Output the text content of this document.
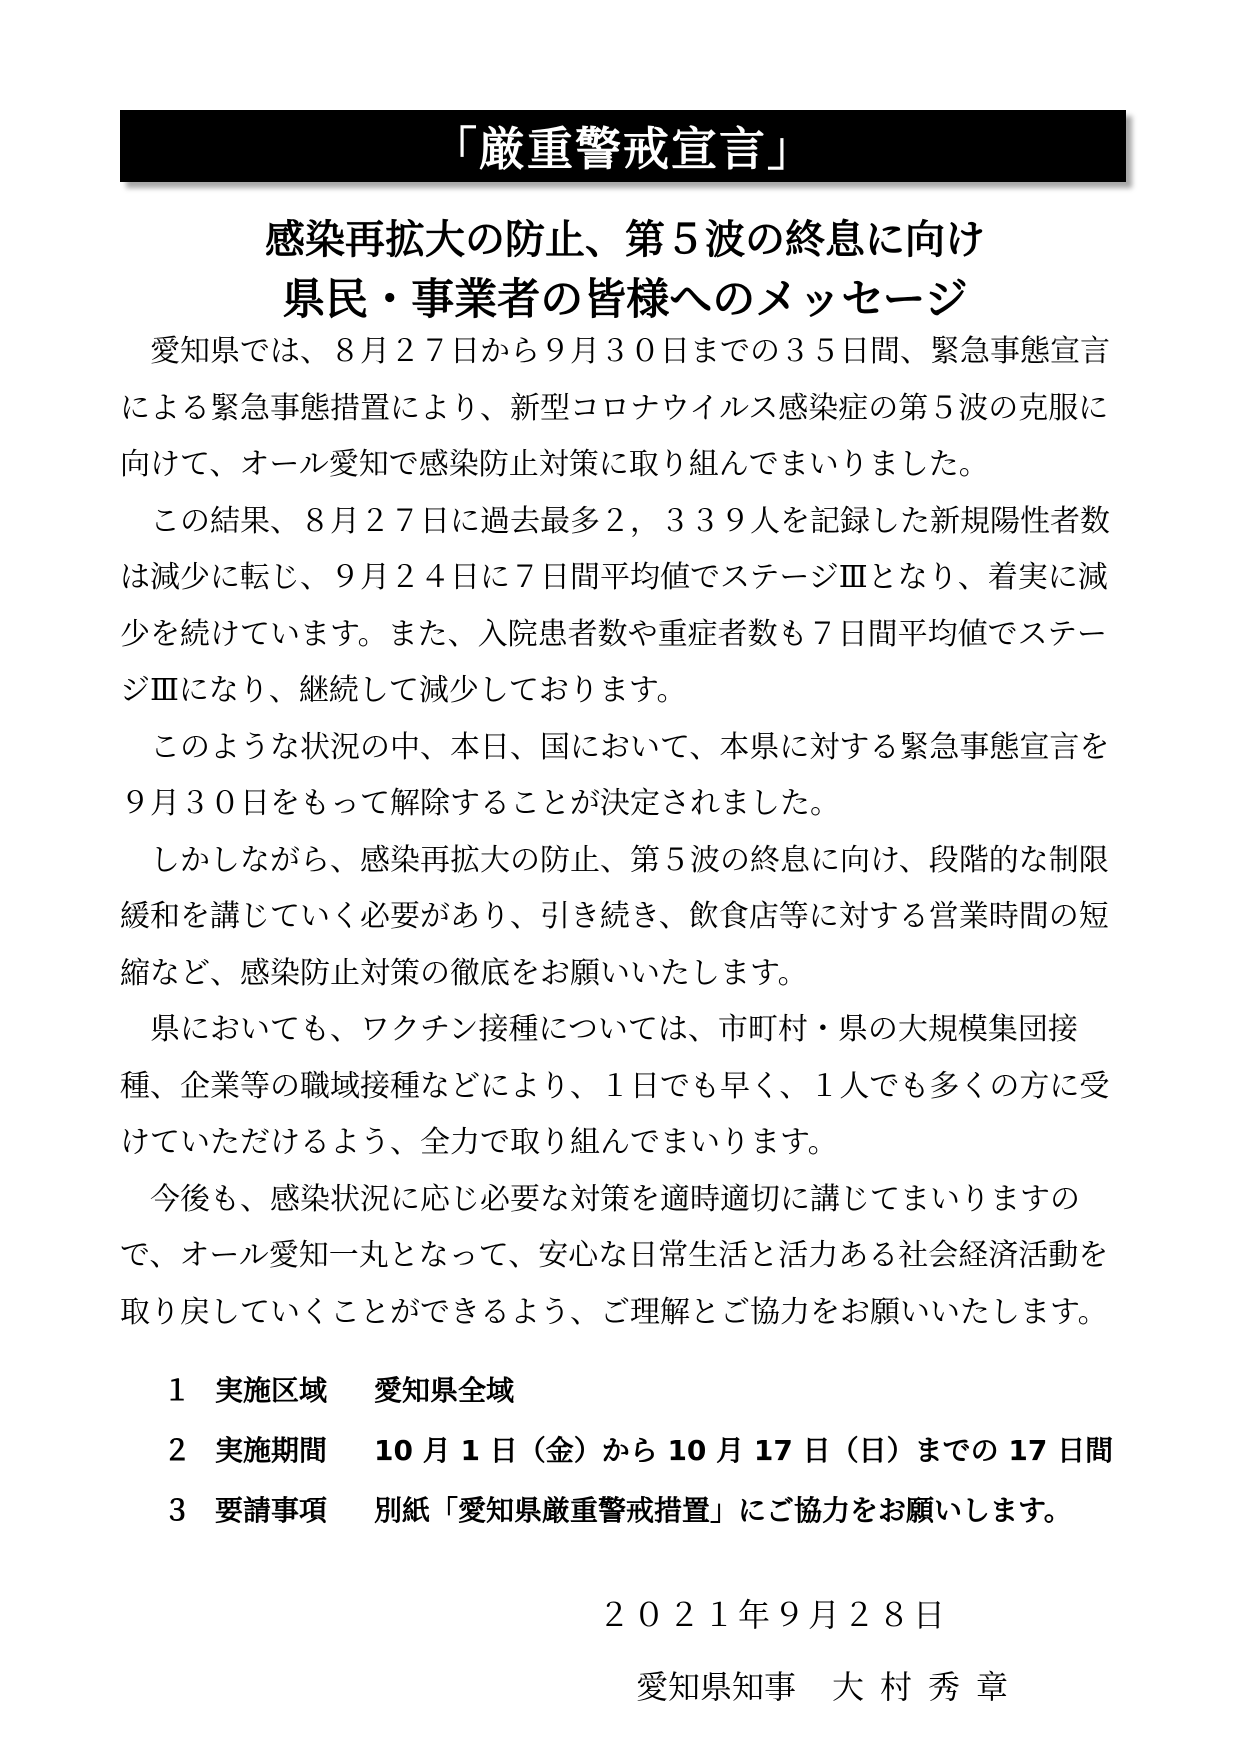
「厳重警戒宣言」
感染再拡大の防止、第５波の終息に向け
県民・事業者の皆様へのメッセージ

愛知県では、８月２７日から９月３０日までの３５日間、緊急事態宣言による緊急事態措置により、新型コロナウイルス感染症の第５波の克服に向けて、オール愛知で感染防止対策に取り組んでまいりました。

この結果、８月２７日に過去最多２，３３９人を記録した新規陽性者数は減少に転じ、９月２４日に７日間平均値でステージⅢとなり、着実に減少を続けています。また、入院患者数や重症者数も７日間平均値でステージⅢになり、継続して減少しております。

このような状況の中、本日、国において、本県に対する緊急事態宣言を９月３０日をもって解除することが決定されました。

しかしながら、感染再拡大の防止、第５波の終息に向け、段階的な制限緩和を講じていく必要があり、引き続き、飲食店等に対する営業時間の短縮など、感染防止対策の徹底をお願いいたします。

県においても、ワクチン接種については、市町村・県の大規模集団接種、企業等の職域接種などにより、１日でも早く、１人でも多くの方に受けていただけるよう、全力で取り組んでまいります。

今後も、感染状況に応じ必要な対策を適時適切に講じてまいりますので、オール愛知一丸となって、安心な日常生活と活力ある社会経済活動を取り戻していくことができるよう、ご理解とご協力をお願いいたします。

１ 実施区域	愛知県全域
２ 実施期間	10 月 1 日（金）から 10 月 17 日（日）までの 17 日間
３ 要請事項	別紙「愛知県厳重警戒措置」にご協力をお願いします。
２０２１年９月２８日
愛知県知事 大村秀章
